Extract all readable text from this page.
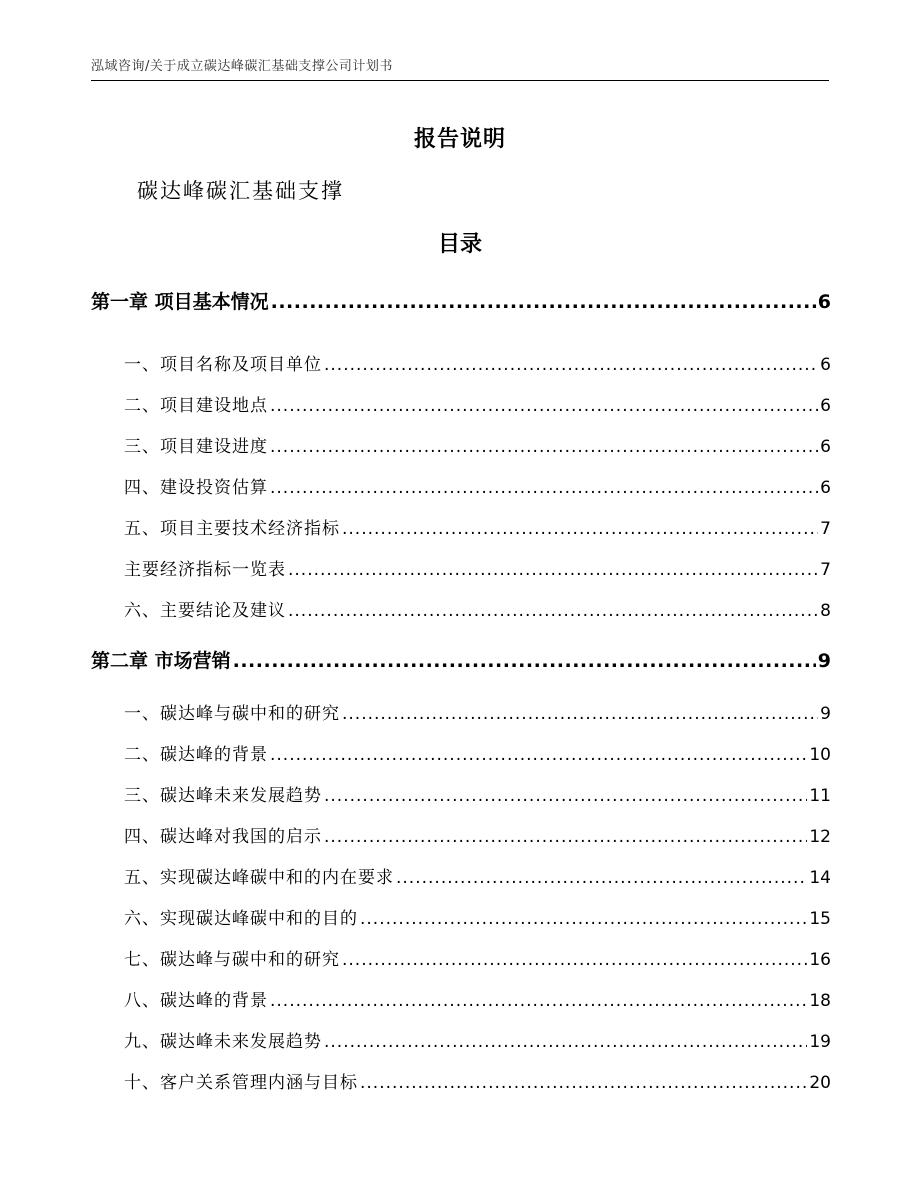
泓域咨询/关于成立碳达峰碳汇基础支撑公司计划书
报告说明
碳达峰碳汇基础支撑
目录
第一章 项目基本情况 .....	6
一、 项目名称及项目单位 .....	6
二、 项目建设地点 .....	6
三、 项目建设进度 .....	6
四、 建设投资估算 .....	6
五、 项目主要技术经济指标 .....	7
主要经济指标一览表 .....	7
六、 主要结论及建议 .....	8
第二章 市场营销 .....	9
一、 碳达峰与碳中和的研究 .....	9
二、 碳达峰的背景 .....	10
三、 碳达峰未来发展趋势 .....	11
四、 碳达峰对我国的启示 .....	12
五、 实现碳达峰碳中和的内在要求 .....	14
六、 实现碳达峰碳中和的目的 .....	15
七、 碳达峰与碳中和的研究 .....	16
八、 碳达峰的背景 .....	18
九、 碳达峰未来发展趋势 .....	19
十、 客户关系管理内涵与目标 .....	20
